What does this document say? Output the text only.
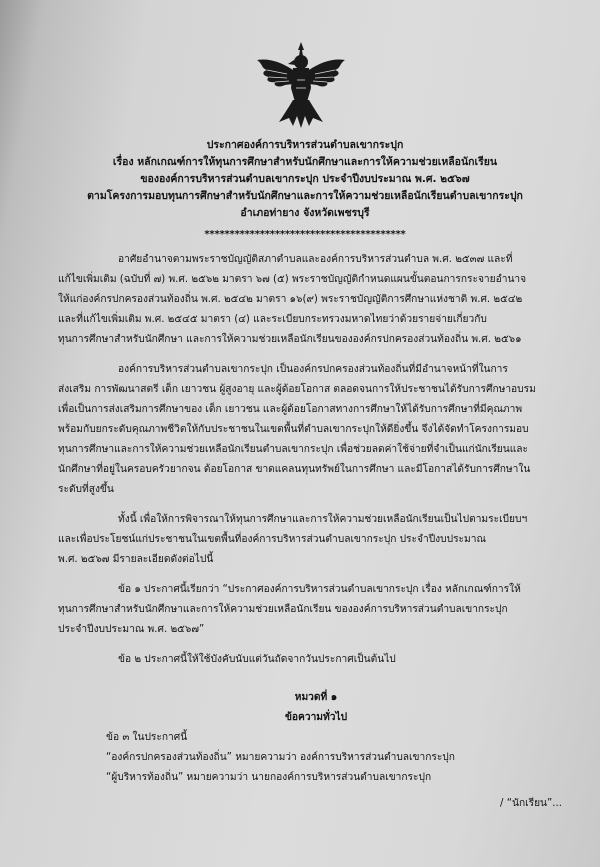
ประกาศองค์การบริหารส่วนตำบลเขากระปุก
เรื่อง หลักเกณฑ์การให้ทุนการศึกษาสำหรับนักศึกษาและการให้ความช่วยเหลือนักเรียน
ขององค์การบริหารส่วนตำบลเขากระปุก ประจำปีงบประมาณ พ.ศ. ๒๕๖๗
ตามโครงการมอบทุนการศึกษาสำหรับนักศึกษาและการให้ความช่วยเหลือนักเรียนตำบลเขากระปุก
อำเภอท่ายาง จังหวัดเพชรบุรี
****************************************

อาศัยอำนาจตามพระราชบัญญัติสภาตำบลและองค์การบริหารส่วนตำบล พ.ศ. ๒๕๓๗ และที่
แก้ไขเพิ่มเติม (ฉบับที่ ๗) พ.ศ. ๒๕๖๒ มาตรา ๖๗ (๕) พระราชบัญญัติกำหนดแผนขั้นตอนการกระจายอำนาจ
ให้แก่องค์กรปกครองส่วนท้องถิ่น พ.ศ. ๒๕๔๒ มาตรา ๑๖(๙) พระราชบัญญัติการศึกษาแห่งชาติ พ.ศ. ๒๕๔๒
และที่แก้ไขเพิ่มเติม พ.ศ. ๒๕๔๕ มาตรา (๔) และระเบียบกระทรวงมหาดไทยว่าด้วยรายจ่ายเกี่ยวกับ
ทุนการศึกษาสำหรับนักศึกษา และการให้ความช่วยเหลือนักเรียนขององค์กรปกครองส่วนท้องถิ่น พ.ศ. ๒๕๖๑

องค์การบริหารส่วนตำบลเขากระปุก เป็นองค์กรปกครองส่วนท้องถิ่นที่มีอำนาจหน้าที่ในการ
ส่งเสริม การพัฒนาสตรี เด็ก เยาวชน ผู้สูงอายุ และผู้ด้อยโอกาส ตลอดจนการให้ประชาชนได้รับการศึกษาอบรม
เพื่อเป็นการส่งเสริมการศึกษาของ เด็ก เยาวชน และผู้ด้อยโอกาสทางการศึกษาให้ได้รับการศึกษาที่มีคุณภาพ
พร้อมกับยกระดับคุณภาพชีวิตให้กับประชาชนในเขตพื้นที่ตำบลเขากระปุกให้ดียิ่งขึ้น จึงได้จัดทำโครงการมอบ
ทุนการศึกษาและการให้ความช่วยเหลือนักเรียนตำบลเขากระปุก เพื่อช่วยลดค่าใช้จ่ายที่จำเป็นแก่นักเรียนและ
นักศึกษาที่อยู่ในครอบครัวยากจน ด้อยโอกาส ขาดแคลนทุนทรัพย์ในการศึกษา และมีโอกาสได้รับการศึกษาใน
ระดับที่สูงขึ้น

ทั้งนี้ เพื่อให้การพิจารณาให้ทุนการศึกษาและการให้ความช่วยเหลือนักเรียนเป็นไปตามระเบียบฯ
และเพื่อประโยชน์แก่ประชาชนในเขตพื้นที่องค์การบริหารส่วนตำบลเขากระปุก ประจำปีงบประมาณ
พ.ศ. ๒๕๖๗ มีรายละเอียดดังต่อไปนี้

ข้อ ๑ ประกาศนี้เรียกว่า “ประกาศองค์การบริหารส่วนตำบลเขากระปุก เรื่อง หลักเกณฑ์การให้
ทุนการศึกษาสำหรับนักศึกษาและการให้ความช่วยเหลือนักเรียน ขององค์การบริหารส่วนตำบลเขากระปุก
ประจำปีงบประมาณ พ.ศ. ๒๕๖๗”

ข้อ ๒ ประกาศนี้ให้ใช้บังคับนับแต่วันถัดจากวันประกาศเป็นต้นไป

หมวดที่ ๑

ข้อความทั่วไป

ข้อ ๓ ในประกาศนี้

“องค์กรปกครองส่วนท้องถิ่น” หมายความว่า องค์การบริหารส่วนตำบลเขากระปุก

“ผู้บริหารท้องถิ่น” หมายความว่า นายกองค์การบริหารส่วนตำบลเขากระปุก

/ “นักเรียน”...
